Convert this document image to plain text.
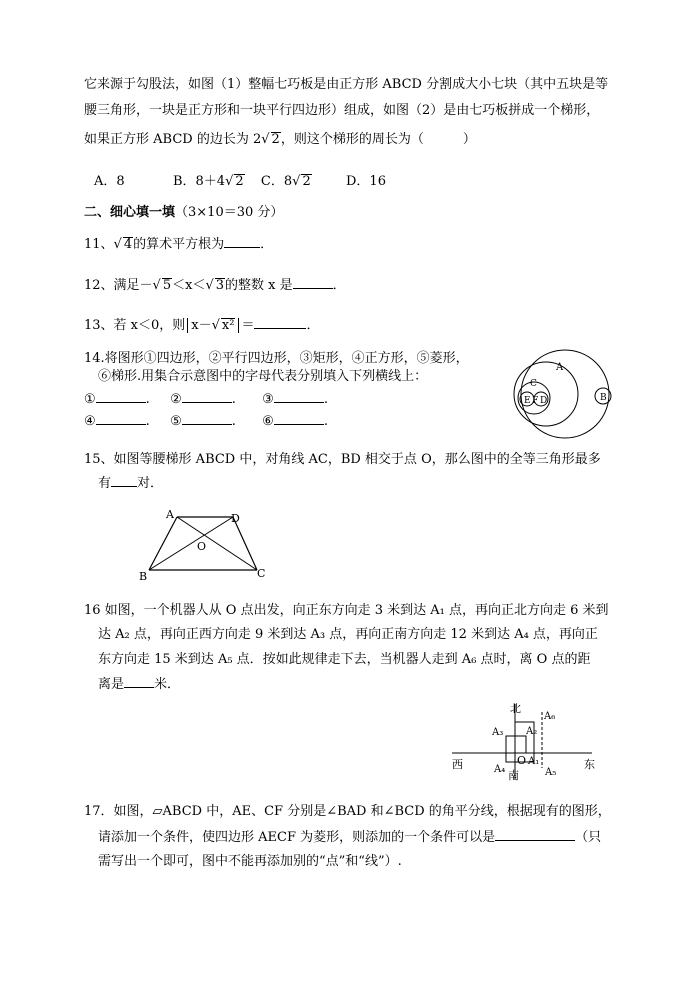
它来源于勾股法，如图（1）整幅七巧板是由正方形 ABCD 分割成大小七块（其中五块是等
腰三角形，一块是正方形和一块平行四边形）组成，如图（2）是由七巧板拼成一个梯形，
如果正方形 ABCD 的边长为 2√ 2，则这个梯形的周长为（　　　）
A．8	B．8＋4√ 2 C．8√ 2	D．16
二、细心填一填（3×10＝30 分）
11、√ 4的算术平方根为	．
12、满足－√ 5＜x＜√ 3的整数 x 是	．
13、若 x＜0，则 x－√ x² ＝	．
14.将图形①四边形，②平行四边形，③矩形，④正方形，⑤菱形，
⑥梯形.用集合示意图中的字母代表分别填入下列横线上：
①	. ②	. ③	.
④	. ⑤	. ⑥	.
A
B
C
E F D
15、如图等腰梯形 ABCD 中，对角线 AC，BD 相交于点 O，那么图中的全等三角形最多
有 对．
A	D
O
B	C
16 如图，一个机器人从 O 点出发，向正东方向走 3 米到达 A₁ 点，再向正北方向走 6 米到
达 A₂ 点，再向正西方向走 9 米到达 A₃ 点，再向正南方向走 12 米到达 A₄ 点，再向正
东方向走 15 米到达 A₅ 点．按如此规律走下去，当机器人走到 A₆ 点时，离 O 点的距
离是 米．
北
南
西	东
O A₁
A₂
A₃
A₄	A₅
A₆
17．如图，▱ABCD 中，AE、CF 分别是∠BAD 和∠BCD 的角平分线，根据现有的图形，
请添加一个条件，使四边形 AECF 为菱形，则添加的一个条件可以是	（只
需写出一个即可，图中不能再添加别的“点”和“线”）.
